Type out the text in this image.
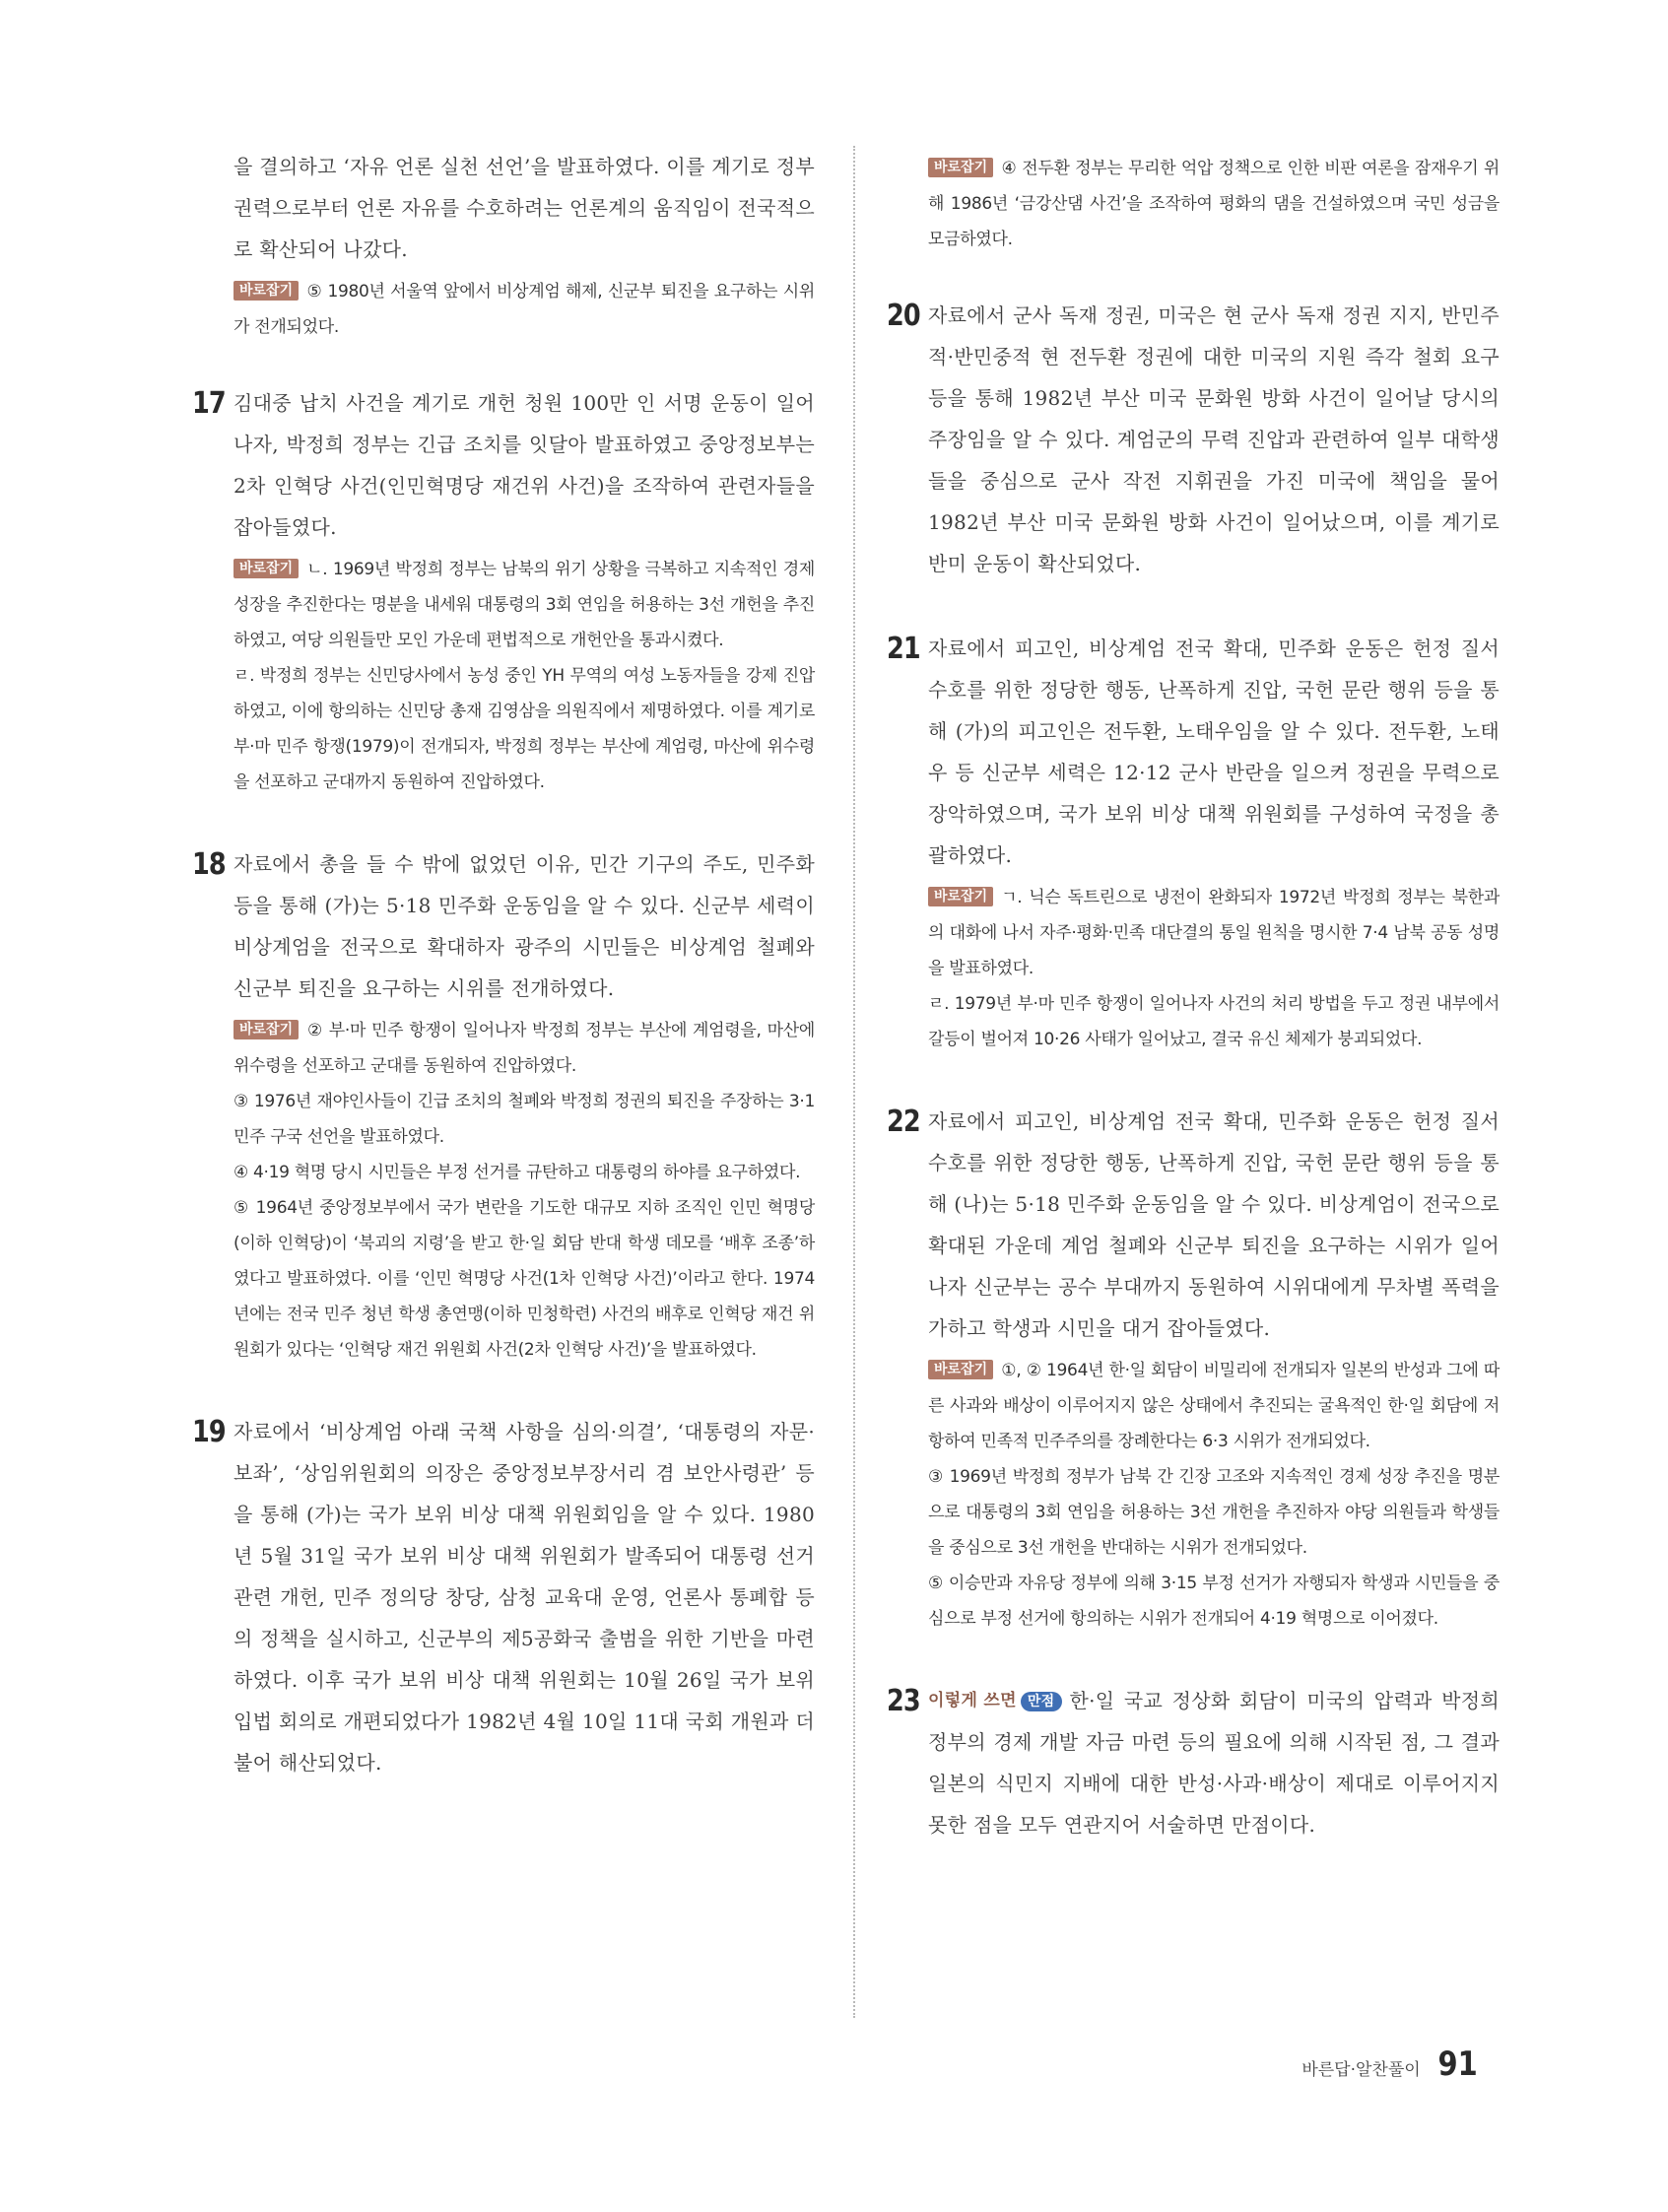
을 결의하고 ‘자유 언론 실천 선언’을 발표하였다. 이를 계기로 정부 권력으로부터 언론 자유를 수호하려는 언론계의 움직임이 전국적으로 확산되어 나갔다.

바로잡기 ⑤ 1980년 서울역 앞에서 비상계엄 해제, 신군부 퇴진을 요구하는 시위가 전개되었다.

17 김대중 납치 사건을 계기로 개헌 청원 100만 인 서명 운동이 일어나자, 박정희 정부는 긴급 조치를 잇달아 발표하였고 중앙정보부는 2차 인혁당 사건(인민혁명당 재건위 사건)을 조작하여 관련자들을 잡아들였다.

바로잡기 ㄴ. 1969년 박정희 정부는 남북의 위기 상황을 극복하고 지속적인 경제 성장을 추진한다는 명분을 내세워 대통령의 3회 연임을 허용하는 3선 개헌을 추진하였고, 여당 의원들만 모인 가운데 편법적으로 개헌안을 통과시켰다.

ㄹ. 박정희 정부는 신민당사에서 농성 중인 YH 무역의 여성 노동자들을 강제 진압하였고, 이에 항의하는 신민당 총재 김영삼을 의원직에서 제명하였다. 이를 계기로 부·마 민주 항쟁(1979)이 전개되자, 박정희 정부는 부산에 계엄령, 마산에 위수령을 선포하고 군대까지 동원하여 진압하였다.

18 자료에서 총을 들 수 밖에 없었던 이유, 민간 기구의 주도, 민주화 등을 통해 (가)는 5·18 민주화 운동임을 알 수 있다. 신군부 세력이 비상계엄을 전국으로 확대하자 광주의 시민들은 비상계엄 철폐와 신군부 퇴진을 요구하는 시위를 전개하였다.

바로잡기 ② 부·마 민주 항쟁이 일어나자 박정희 정부는 부산에 계엄령을, 마산에 위수령을 선포하고 군대를 동원하여 진압하였다.

③ 1976년 재야인사들이 긴급 조치의 철폐와 박정희 정권의 퇴진을 주장하는 3·1 민주 구국 선언을 발표하였다.

④ 4·19 혁명 당시 시민들은 부정 선거를 규탄하고 대통령의 하야를 요구하였다.

⑤ 1964년 중앙정보부에서 국가 변란을 기도한 대규모 지하 조직인 인민 혁명당(이하 인혁당)이 ‘북괴의 지령’을 받고 한·일 회담 반대 학생 데모를 ‘배후 조종’하였다고 발표하였다. 이를 ‘인민 혁명당 사건(1차 인혁당 사건)’이라고 한다. 1974년에는 전국 민주 청년 학생 총연맹(이하 민청학련) 사건의 배후로 인혁당 재건 위원회가 있다는 ‘인혁당 재건 위원회 사건(2차 인혁당 사건)’을 발표하였다.

19 자료에서 ‘비상계엄 아래 국책 사항을 심의·의결’, ‘대통령의 자문·보좌’, ‘상임위원회의 의장은 중앙정보부장서리 겸 보안사령관’ 등을 통해 (가)는 국가 보위 비상 대책 위원회임을 알 수 있다. 1980년 5월 31일 국가 보위 비상 대책 위원회가 발족되어 대통령 선거 관련 개헌, 민주 정의당 창당, 삼청 교육대 운영, 언론사 통폐합 등의 정책을 실시하고, 신군부의 제5공화국 출범을 위한 기반을 마련하였다. 이후 국가 보위 비상 대책 위원회는 10월 26일 국가 보위 입법 회의로 개편되었다가 1982년 4월 10일 11대 국회 개원과 더불어 해산되었다.

바로잡기 ④ 전두환 정부는 무리한 억압 정책으로 인한 비판 여론을 잠재우기 위해 1986년 ‘금강산댐 사건’을 조작하여 평화의 댐을 건설하였으며 국민 성금을 모금하였다.

20 자료에서 군사 독재 정권, 미국은 현 군사 독재 정권 지지, 반민주적·반민중적 현 전두환 정권에 대한 미국의 지원 즉각 철회 요구 등을 통해 1982년 부산 미국 문화원 방화 사건이 일어날 당시의 주장임을 알 수 있다. 계엄군의 무력 진압과 관련하여 일부 대학생들을 중심으로 군사 작전 지휘권을 가진 미국에 책임을 물어 1982년 부산 미국 문화원 방화 사건이 일어났으며, 이를 계기로 반미 운동이 확산되었다.

21 자료에서 피고인, 비상계엄 전국 확대, 민주화 운동은 헌정 질서 수호를 위한 정당한 행동, 난폭하게 진압, 국헌 문란 행위 등을 통해 (가)의 피고인은 전두환, 노태우임을 알 수 있다. 전두환, 노태우 등 신군부 세력은 12·12 군사 반란을 일으켜 정권을 무력으로 장악하였으며, 국가 보위 비상 대책 위원회를 구성하여 국정을 총괄하였다.

바로잡기 ㄱ. 닉슨 독트린으로 냉전이 완화되자 1972년 박정희 정부는 북한과의 대화에 나서 자주·평화·민족 대단결의 통일 원칙을 명시한 7·4 남북 공동 성명을 발표하였다.

ㄹ. 1979년 부·마 민주 항쟁이 일어나자 사건의 처리 방법을 두고 정권 내부에서 갈등이 벌어져 10·26 사태가 일어났고, 결국 유신 체제가 붕괴되었다.

22 자료에서 피고인, 비상계엄 전국 확대, 민주화 운동은 헌정 질서 수호를 위한 정당한 행동, 난폭하게 진압, 국헌 문란 행위 등을 통해 (나)는 5·18 민주화 운동임을 알 수 있다. 비상계엄이 전국으로 확대된 가운데 계엄 철폐와 신군부 퇴진을 요구하는 시위가 일어나자 신군부는 공수 부대까지 동원하여 시위대에게 무차별 폭력을 가하고 학생과 시민을 대거 잡아들였다.

바로잡기 ①, ② 1964년 한·일 회담이 비밀리에 전개되자 일본의 반성과 그에 따른 사과와 배상이 이루어지지 않은 상태에서 추진되는 굴욕적인 한·일 회담에 저항하여 민족적 민주주의를 장례한다는 6·3 시위가 전개되었다.

③ 1969년 박정희 정부가 남북 간 긴장 고조와 지속적인 경제 성장 추진을 명분으로 대통령의 3회 연임을 허용하는 3선 개헌을 추진하자 야당 의원들과 학생들을 중심으로 3선 개헌을 반대하는 시위가 전개되었다.

⑤ 이승만과 자유당 정부에 의해 3·15 부정 선거가 자행되자 학생과 시민들을 중심으로 부정 선거에 항의하는 시위가 전개되어 4·19 혁명으로 이어졌다.

23 이렇게 쓰면 만점 한·일 국교 정상화 회담이 미국의 압력과 박정희 정부의 경제 개발 자금 마련 등의 필요에 의해 시작된 점, 그 결과 일본의 식민지 지배에 대한 반성·사과·배상이 제대로 이루어지지 못한 점을 모두 연관지어 서술하면 만점이다.

바른답·알찬풀이 91
